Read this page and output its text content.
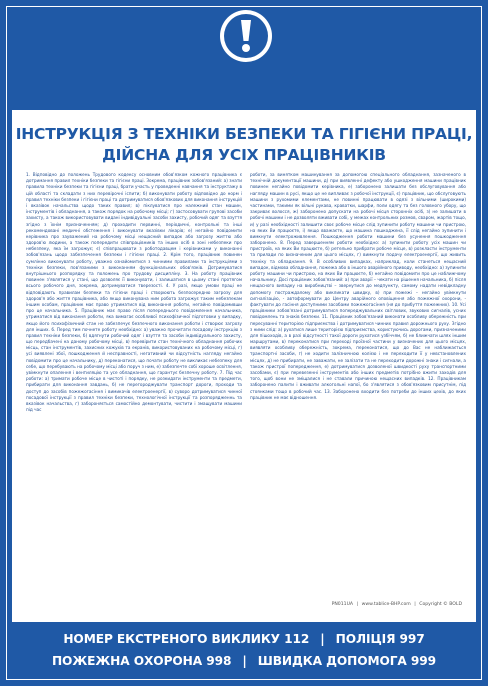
ІНСТРУКЦІЯ З ТЕХНІКИ БЕЗПЕКИ ТА ГІГІЄНИ ПРАЦІ,

ДІЙСНА ДЛЯ УСІХ ПРАЦІВНИКІВ

1. Відповідно до положень Трудового кодексу основним обов'язком кожного працівника є дотримання правил техніки безпеки та гігієни праці. Зокрема, працівник зобов'язаний: а) знати правила техніки безпеки та гігієни праці, брати участь у проведенні навчання та інструктажу в цій області та складати з них перевірочні іспити; б) виконувати роботу відповідно до норм і правил техніки безпеки і гігієни праці та дотримуватися обов'язкових для виконання інструкцій і вказівок начальства щодо таких правил; в) піклуватися про належний стан машин, інструментів і обладнання, а також порядок на робочому місці; г) застосовувати групові засоби захисту, а також використовувати видані індивідуальні засоби захисту, робочий одяг та взуття згідно з їхнім призначенням; д) проходити первинні, періодичні, контрольні та інші рекомендовані медичні обстеження і виконувати вказівки лікарів; е) негайно повідомити керівника про зауважений на робочому місці нещасний випадок або загрозу життю або здоров'ю людини, а також попередити співпрацівників та інших осіб в зоні небезпеки про небезпеку, яка їм загрожує; є) співпрацювати з роботодавцем і керівниками у виконанні зобов'язань щодо забезпечення безпеки і гігієни праці. 2. Крім того, працівник повинен сумлінно виконувати роботу, уважно ознайомитися з чинними правилами та інструкціями з техніки безпеки, пов'язаними з виконанням функціональних обов'язків. Дотримуватися внутрішнього розпорядку та положень про трудову дисципліну. 3. На роботу працівник повинен з'являтися у стані, що дозволяє її виконувати, і залишатися в цьому стані протягом всього робочого дня, зокрема, дотримуватися тверезості. 4. У разі, якщо умови праці не відповідають правилам безпеки та гігієни праці і створюють безпосередню загрозу для здоров'я або життя працівника, або якщо виконувана ним робота загрожує таким небезпекам іншим особам, працівник має право утриматися від виконання роботи, негайно повідомивши про це начальника. 5. Працівник має право після попереднього повідомлення начальника, утриматися від виконання роботи, яка вимагає особливої психофізичної підготовки у випадку, якщо його психофізичний стан не забезпечує безпечного виконання роботи і створює загрозу для інших. 6. Перед тим почнете роботу необхідно: а) уважно прочитати посадову інструкцію з правил техніки безпеки, б) вдягнути робочий одяг і взуття та засоби індивідуального захисту, що передбачені на даному робочому місці, в) перевірити стан технічного обладнання робочих місць, стан інструментів, захисних кожухів та екранів, використовуваних на робочому місці, г) усі виявлені збої, пошкодження й несправності, негативний чи відсутність нагляду негайно повідомити про це начальнику, д) переконатися, що почати роботу не викликає небезпеку для себе, що перебувають на робочому місці або поруч з ним, е) забезпечте собі хороше освітлення, увімкнути опалення і вентиляцію та усе обладнання, що гарантує безпечну роботу. 7. Під час роботи: а) тримати робоче місце в чистоті і порядку, не розкидати інструменти та предмети, прибирати для виконання завдань, б) не перегороджувати транспорт дороги, проходи та доступ до засобів пожежогасіння і вимикачів електроенергії, в) суворо дотримуватися чинної посадової інструкції з правил техніки безпеки, технологічної інструкції та розпорядженнь та вказівок начальства, г) забороняється самостійно демонтувати, чистити і змащувати машини під час

роботи, за винятком машинування за допомогою спеціального обладнання, зазначеного в технічній документації машини, д) при виявленні дефекту або ушкодження машини працівник повинен негайно повідомити керівника, е) заборонено залишати без обслуговування або нагляду машин в русі, якщо це не випливає з робочої інструкції, є) працівник, що обслуговують машини з рухомими елементами, не повинні працювати в одязі з вільними (широкими) частинами, такими як вільні рукава, краватки, шарфи, поли одягу та без головного убору, що закриває волосся, ж) заборонено допускати на робочі місця сторонніх осіб, з) не залишати в робочі машини і не дозволяти вживати собі, у межах контрольних розмов, сваром, жартів тощо, и) у разі необхідності залишити своє робоче місце слід зупинити роботу машини чи пристрою, на яких Ви працюєте, і) якщо вважаєте, що машина пошкоджена, її слід негайно зупинити і вимкнути електроживлення. Пошкодження роботи машини без усунення пошкодження заборонено. 8. Перед завершенням роботи необхідно: а) зупинити роботу усіх машин чи пристроїв, на яких Ви працюєте, б) ретельно прибрати робоче місце, в) розкласти інструменти та прилади по визначеним для цього місцях, г) вимкнути подачу електроенергії, що живить техніку та обладнання. 9. В особливих випадках, наприклад, коли станеться нещасний випадок, відмова обладнання, пожежа або в іншого аварійного приводу, необхідно: а) зупинити роботу машини чи пристрою, на яких Ви працюєте, б) негайно повідомити про це наближчому начальнику. Досі працівник зобов'язаний: а) при аварії – чекати на рішення начальника, б) після нещасного випадку на виробництві – звернутися до медпункту, самому надати невідкладну допомогу постраждалому або викликати швидку, в) при пожежі – негайно увімкнути сигналізацію, - автоформувати до Центру аварійного оповіщення або пожежної охорони, - фактувати до гасіння доступними засобами пожежогасіння (ня до прибуття пожежних). 10. Усі працівники зобов'язані дотримуватися попереджувальних світлових, звукових сигналів, усних повідомлень та знаків безпеки. 11. Працівник зобов'язаний виконати особливу обережність при пересуванні територією підприємства і дотримуватися чинних правил дорожнього руху. Згідно з ними слід: а) рухатися лише територією підприємства, користуючись дорогами, призначеними для пішоходів, а в разі відсутності такої дороги рухатися узбіччям, б) не ближчати шлях іншим маршрутами, в) переконатися при переході проїзної частини у визначених для цього місцях, виявляти особливу обережність, зокрема, переконатися, що до Вас не наближається транспортні засоби, г) не ходити залізничною колією і не переходити її у невстановлених місцях, д) не прибирати, не заважати, не залізати та не переходити дорожні знаки і сигнали, а також пристрої попередження, е) дотримуватися дозволеної швидкості руху транспортними засобами, є) при перевезенні інструментів або інших предметів потрібно вжити заходів для того, щоб вони не зміщалися і не ставали причиною нещасних випадків. 12. Працівникам заборонено палити і вживати алкогольні напої, бо з'являтися з обов'язковим присутнім, під стоянками тощо в робочий час. 13. Заборонено входити без потреби до інших цехів, до яких працівник не має відношення.

PN011UA | www.tablice-BHP.com | Copyright © BOLD
НОМЕР ЕКСТРЕНОГО ВИКЛИКУ 112 | ПОЛІЦІЯ 997
ПОЖЕЖНА ОХОРОНА 998 | ШВИДКА ДОПОМОГА 999
